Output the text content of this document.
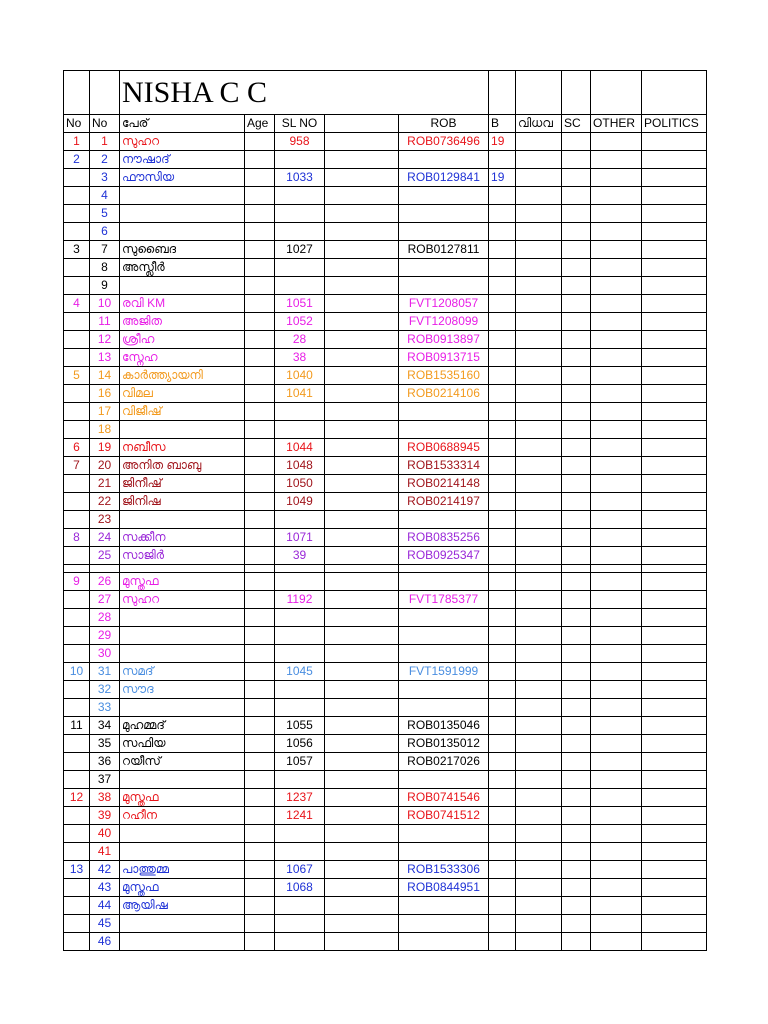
		NISHA C C									
No	No	പേര്	Age	SL NO		ROB	B	വിധവ	SC	OTHER	POLITICS
1	1	സുഹറ		958		ROB0736496	19				
2	2	നൗഷാദ്									
	3	ഫൗസിയ		1033		ROB0129841	19				
	4										
	5										
	6										
3	7	സുബൈദ		1027		ROB0127811					
	8	അസ്ലീർ									
	9										
4	10	രവി KM		1051		FVT1208057					
	11	അജിത		1052		FVT1208099					
	12	ശ്രീഹ		28		ROB0913897					
	13	സ്നേഹ		38		ROB0913715					
5	14	കാർത്ത്യായനി		1040		ROB1535160					
	16	വിമല		1041		ROB0214106					
	17	വിജീഷ്									
	18										
6	19	നബീസ		1044		ROB0688945					
7	20	അനിത ബാബു		1048		ROB1533314					
	21	ജിനീഷ്		1050		ROB0214148					
	22	ജിനിഷ		1049		ROB0214197					
	23										
8	24	സക്കീന		1071		ROB0835256					
	25	സാജിർ		39		ROB0925347					

9	26	മുസ്തഫ									
	27	സുഹറ		1192		FVT1785377					
	28										
	29										
	30										
10	31	സമദ്		1045		FVT1591999					
	32	സൗദ									
	33										
11	34	മുഹമ്മദ്		1055		ROB0135046					
	35	സഫിയ		1056		ROB0135012					
	36	റയീസ്		1057		ROB0217026					
	37										
12	38	മുസ്തഫ		1237		ROB0741546					
	39	റഹീന		1241		ROB0741512					
	40										
	41										
13	42	പാത്തുമ്മ		1067		ROB1533306					
	43	മുസ്തഫ		1068		ROB0844951					
	44	ആയിഷ									
	45										
	46										
